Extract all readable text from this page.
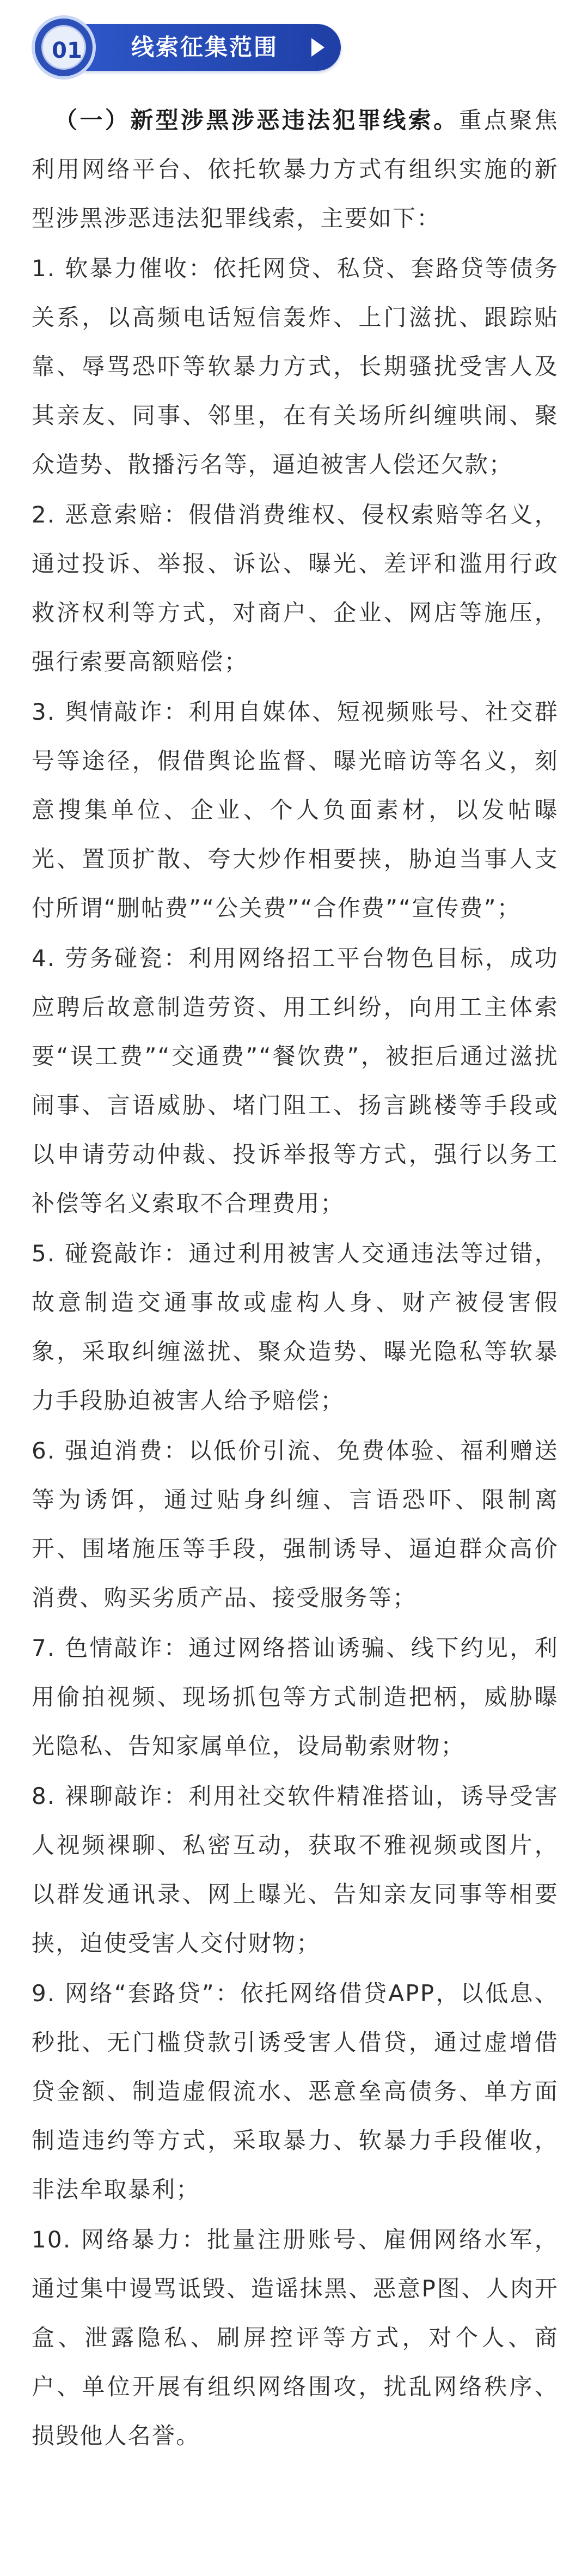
线索征集范围
01

（一）新型涉黑涉恶违法犯罪线索。重点聚焦利用网络平台、依托软暴力方式有组织实施的新型涉黑涉恶违法犯罪线索，主要如下：

1. 软暴力催收：依托网贷、私贷、套路贷等债务关系，以高频电话短信轰炸、上门滋扰、跟踪贴靠、辱骂恐吓等软暴力方式，长期骚扰受害人及其亲友、同事、邻里，在有关场所纠缠哄闹、聚众造势、散播污名等，逼迫被害人偿还欠款；

2. 恶意索赔：假借消费维权、侵权索赔等名义，通过投诉、举报、诉讼、曝光、差评和滥用行政救济权利等方式，对商户、企业、网店等施压，强行索要高额赔偿；

3. 舆情敲诈：利用自媒体、短视频账号、社交群号等途径，假借舆论监督、曝光暗访等名义，刻意搜集单位、企业、个人负面素材，以发帖曝光、置顶扩散、夸大炒作相要挟，胁迫当事人支付所谓“删帖费”“公关费”“合作费”“宣传费”；

4. 劳务碰瓷：利用网络招工平台物色目标，成功应聘后故意制造劳资、用工纠纷，向用工主体索要“误工费”“交通费”“餐饮费”，被拒后通过滋扰闹事、言语威胁、堵门阻工、扬言跳楼等手段或以申请劳动仲裁、投诉举报等方式，强行以务工补偿等名义索取不合理费用；

5. 碰瓷敲诈：通过利用被害人交通违法等过错，故意制造交通事故或虚构人身、财产被侵害假象，采取纠缠滋扰、聚众造势、曝光隐私等软暴力手段胁迫被害人给予赔偿；

6. 强迫消费：以低价引流、免费体验、福利赠送等为诱饵，通过贴身纠缠、言语恐吓、限制离开、围堵施压等手段，强制诱导、逼迫群众高价消费、购买劣质产品、接受服务等；

7. 色情敲诈：通过网络搭讪诱骗、线下约见，利用偷拍视频、现场抓包等方式制造把柄，威胁曝光隐私、告知家属单位，设局勒索财物；

8. 裸聊敲诈：利用社交软件精准搭讪，诱导受害人视频裸聊、私密互动，获取不雅视频或图片，以群发通讯录、网上曝光、告知亲友同事等相要挟，迫使受害人交付财物；

9. 网络“套路贷”：依托网络借贷APP，以低息、秒批、无门槛贷款引诱受害人借贷，通过虚增借贷金额、制造虚假流水、恶意垒高债务、单方面制造违约等方式，采取暴力、软暴力手段催收，非法牟取暴利；

10. 网络暴力：批量注册账号、雇佣网络水军，通过集中谩骂诋毁、造谣抹黑、恶意P图、人肉开盒、泄露隐私、刷屏控评等方式，对个人、商户、单位开展有组织网络围攻，扰乱网络秩序、损毁他人名誉。
